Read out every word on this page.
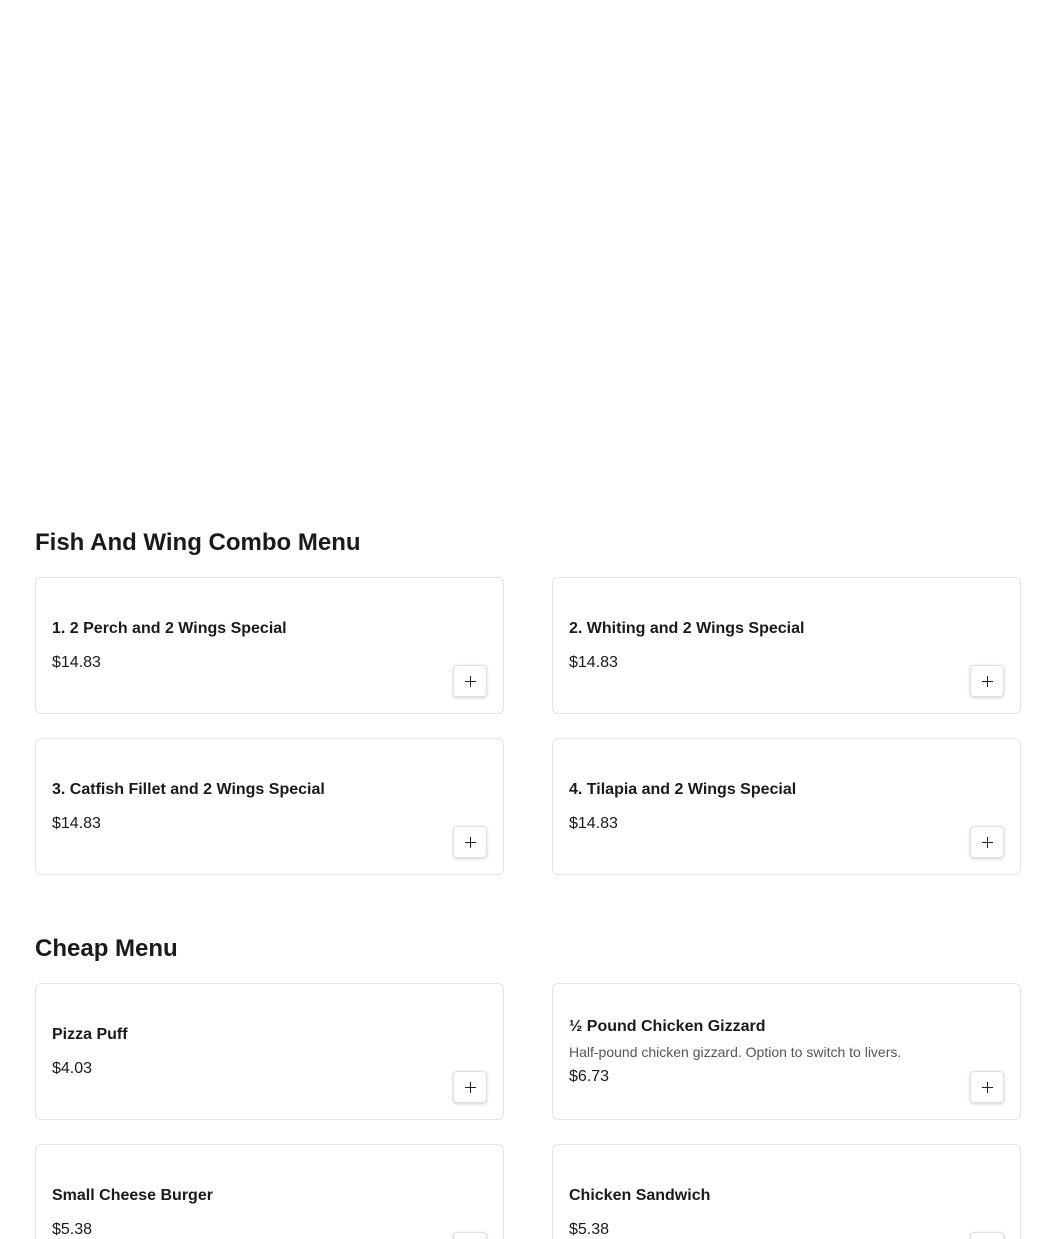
Fish And Wing Combo Menu
1. 2 Perch and 2 Wings Special
$14.83
2. Whiting and 2 Wings Special
$14.83
3. Catfish Fillet and 2 Wings Special
$14.83
4. Tilapia and 2 Wings Special
$14.83
Cheap Menu
Pizza Puff
$4.03
½ Pound Chicken Gizzard
Half-pound chicken gizzard. Option to switch to livers.
$6.73
Small Cheese Burger
$5.38
Chicken Sandwich
$5.38
